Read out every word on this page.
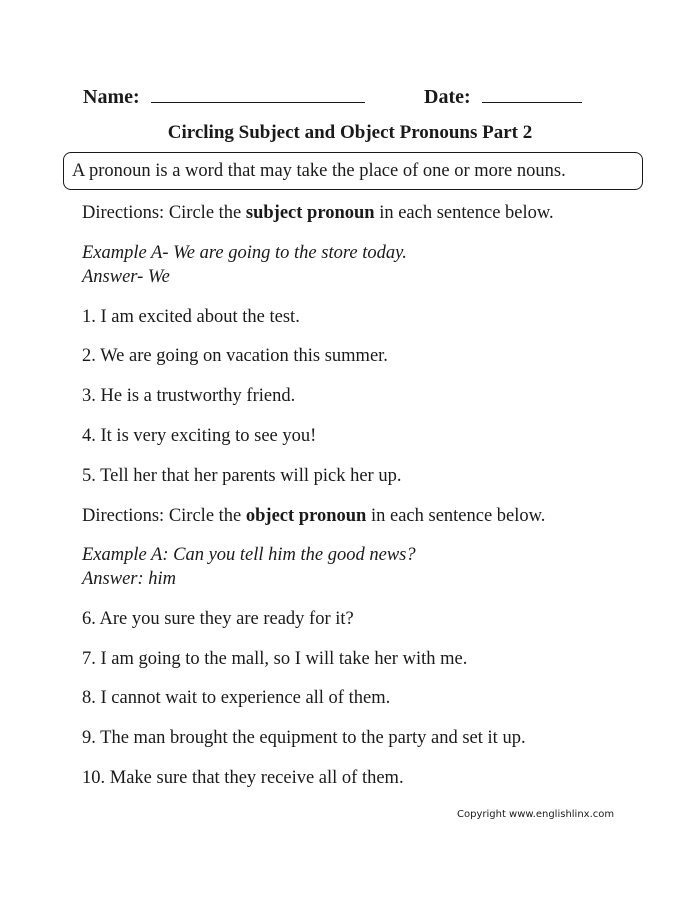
Name:	Date:
Circling Subject and Object Pronouns Part 2
A pronoun is a word that may take the place of one or more nouns.
Directions: Circle the subject pronoun in each sentence below.
Example A- We are going to the store today.
Answer- We
1. I am excited about the test.
2. We are going on vacation this summer.
3. He is a trustworthy friend.
4. It is very exciting to see you!
5. Tell her that her parents will pick her up.
Directions: Circle the object pronoun in each sentence below.
Example A: Can you tell him the good news?
Answer: him
6. Are you sure they are ready for it?
7. I am going to the mall, so I will take her with me.
8. I cannot wait to experience all of them.
9. The man brought the equipment to the party and set it up.
10. Make sure that they receive all of them.
Copyright www.englishlinx.com
